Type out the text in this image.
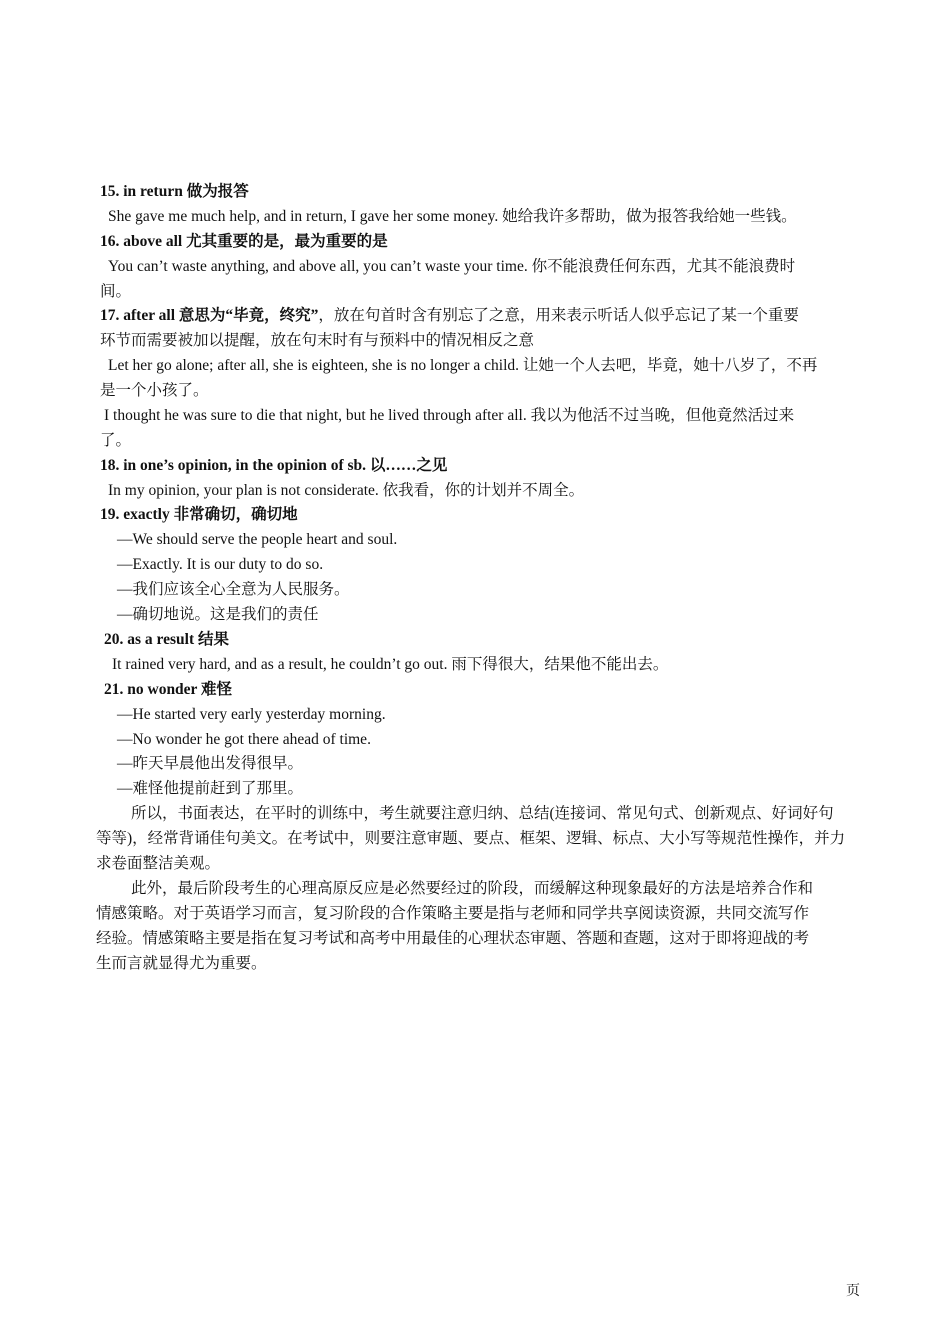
15. in return 做为报答

She gave me much help, and in return, I gave her some money. 她给我许多帮助，做为报答我给她一些钱。

16. above all 尤其重要的是，最为重要的是

You can’t waste anything, and above all, you can’t waste your time. 你不能浪费任何东西，尤其不能浪费时

间。

17. after all 意思为“毕竟，终究”，放在句首时含有别忘了之意，用来表示听话人似乎忘记了某一个重要

环节而需要被加以提醒，放在句末时有与预料中的情况相反之意

Let her go alone; after all, she is eighteen, she is no longer a child. 让她一个人去吧，毕竟，她十八岁了，不再

是一个小孩了。

I thought he was sure to die that night, but he lived through after all. 我以为他活不过当晚，但他竟然活过来

了。

18. in one’s opinion, in the opinion of sb. 以……之见

In my opinion, your plan is not considerate. 依我看，你的计划并不周全。

19. exactly 非常确切，确切地

—We should serve the people heart and soul.

—Exactly. It is our duty to do so.

—我们应该全心全意为人民服务。

—确切地说。这是我们的责任

20. as a result 结果

It rained very hard, and as a result, he couldn’t go out. 雨下得很大，结果他不能出去。

21. no wonder 难怪

—He started very early yesterday morning.

—No wonder he got there ahead of time.

—昨天早晨他出发得很早。

—难怪他提前赶到了那里。

所以，书面表达，在平时的训练中，考生就要注意归纳、总结(连接词、常见句式、创新观点、好词好句

等等)，经常背诵佳句美文。在考试中，则要注意审题、要点、框架、逻辑、标点、大小写等规范性操作，并力

求卷面整洁美观。

此外，最后阶段考生的心理高原反应是必然要经过的阶段，而缓解这种现象最好的方法是培养合作和

情感策略。对于英语学习而言，复习阶段的合作策略主要是指与老师和同学共享阅读资源，共同交流写作

经验。情感策略主要是指在复习考试和高考中用最佳的心理状态审题、答题和查题，这对于即将迎战的考

生而言就显得尤为重要。

页
